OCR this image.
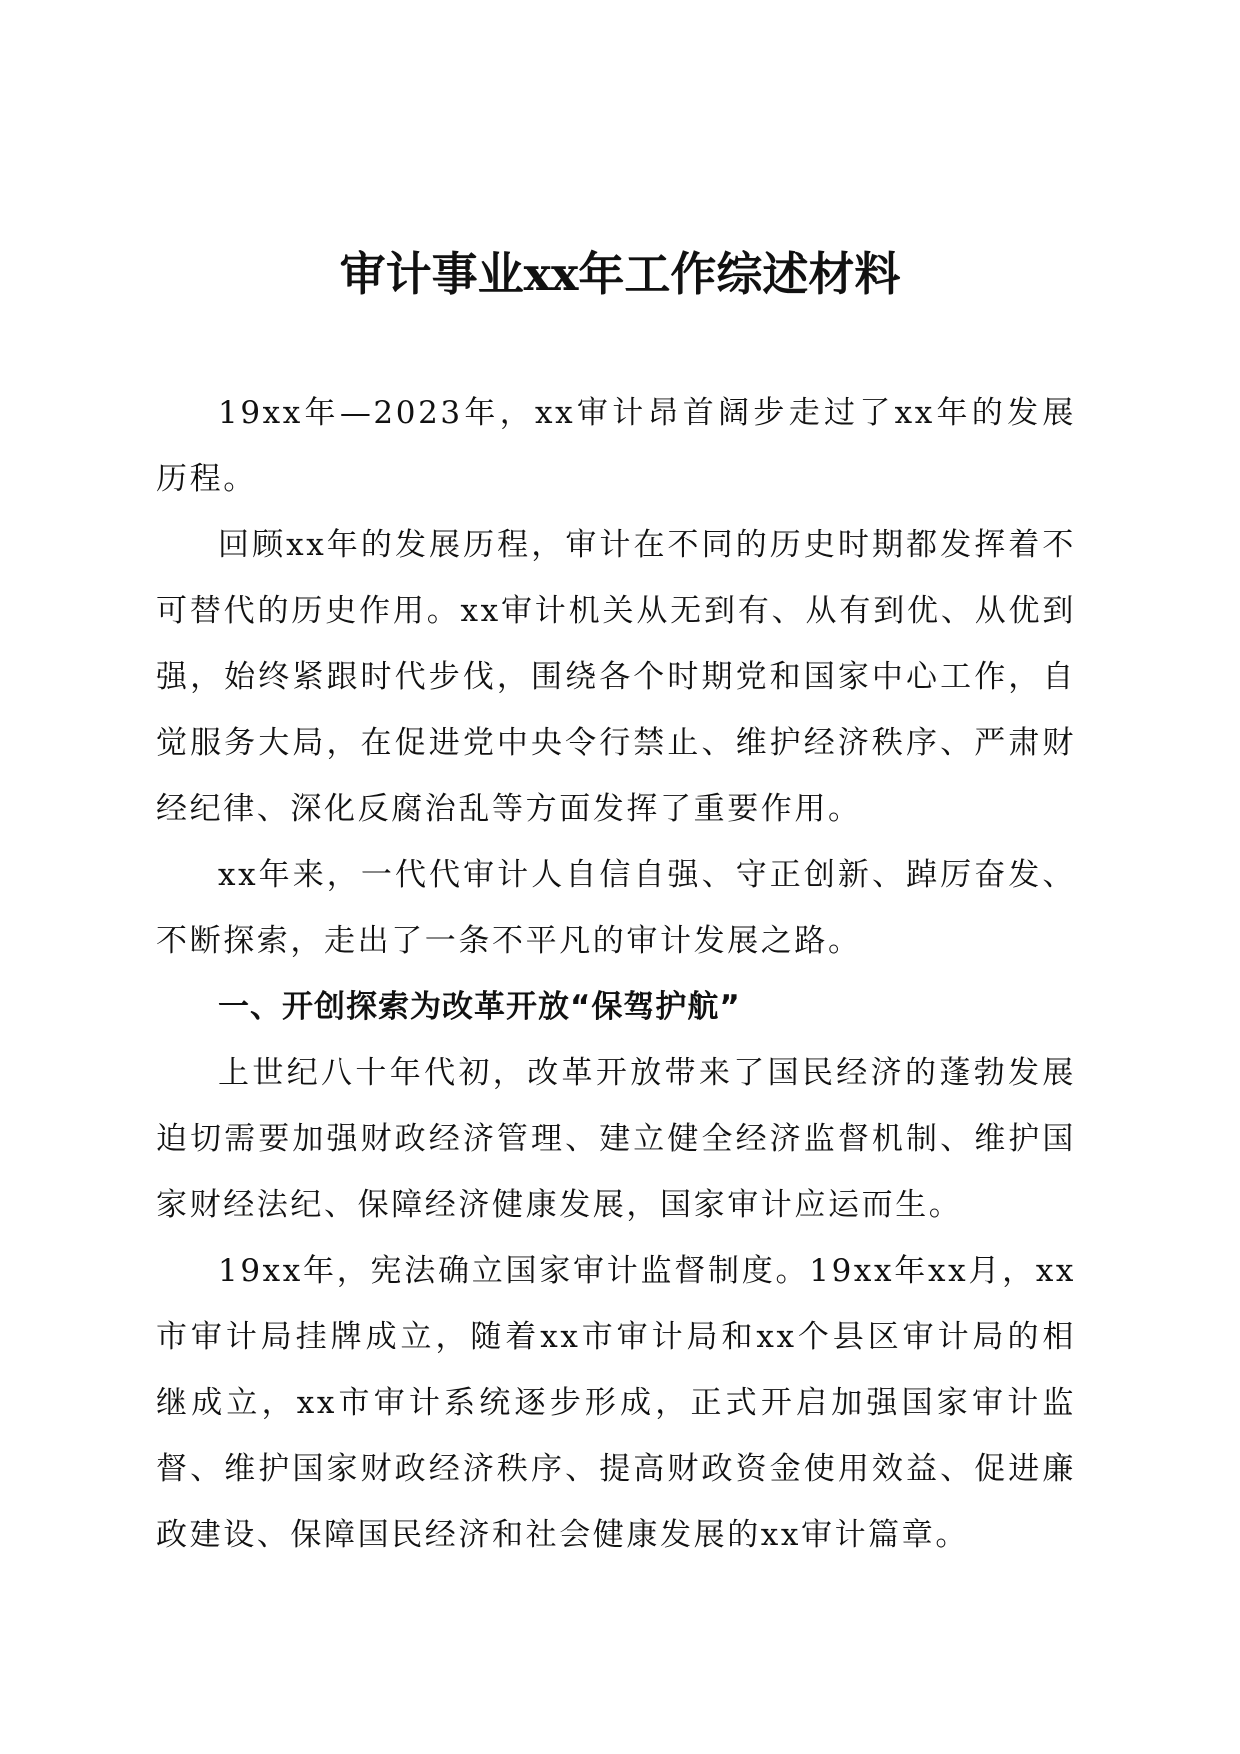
审计事业xx年工作综述材料

19xx年—2023年，xx审计昂首阔步走过了xx年的发展历程。

回顾xx年的发展历程，审计在不同的历史时期都发挥着不可替代的历史作用。xx审计机关从无到有、从有到优、从优到强，始终紧跟时代步伐，围绕各个时期党和国家中心工作，自觉服务大局，在促进党中央令行禁止、维护经济秩序、严肃财经纪律、深化反腐治乱等方面发挥了重要作用。

xx年来，一代代审计人自信自强、守正创新、踔厉奋发、不断探索，走出了一条不平凡的审计发展之路。

一、开创探索为改革开放“保驾护航”

上世纪八十年代初，改革开放带来了国民经济的蓬勃发展迫切需要加强财政经济管理、建立健全经济监督机制、维护国家财经法纪、保障经济健康发展，国家审计应运而生。

19xx年，宪法确立国家审计监督制度。19xx年xx月，xx市审计局挂牌成立，随着xx市审计局和xx个县区审计局的相继成立，xx市审计系统逐步形成，正式开启加强国家审计监督、维护国家财政经济秩序、提高财政资金使用效益、促进廉政建设、保障国民经济和社会健康发展的xx审计篇章。
